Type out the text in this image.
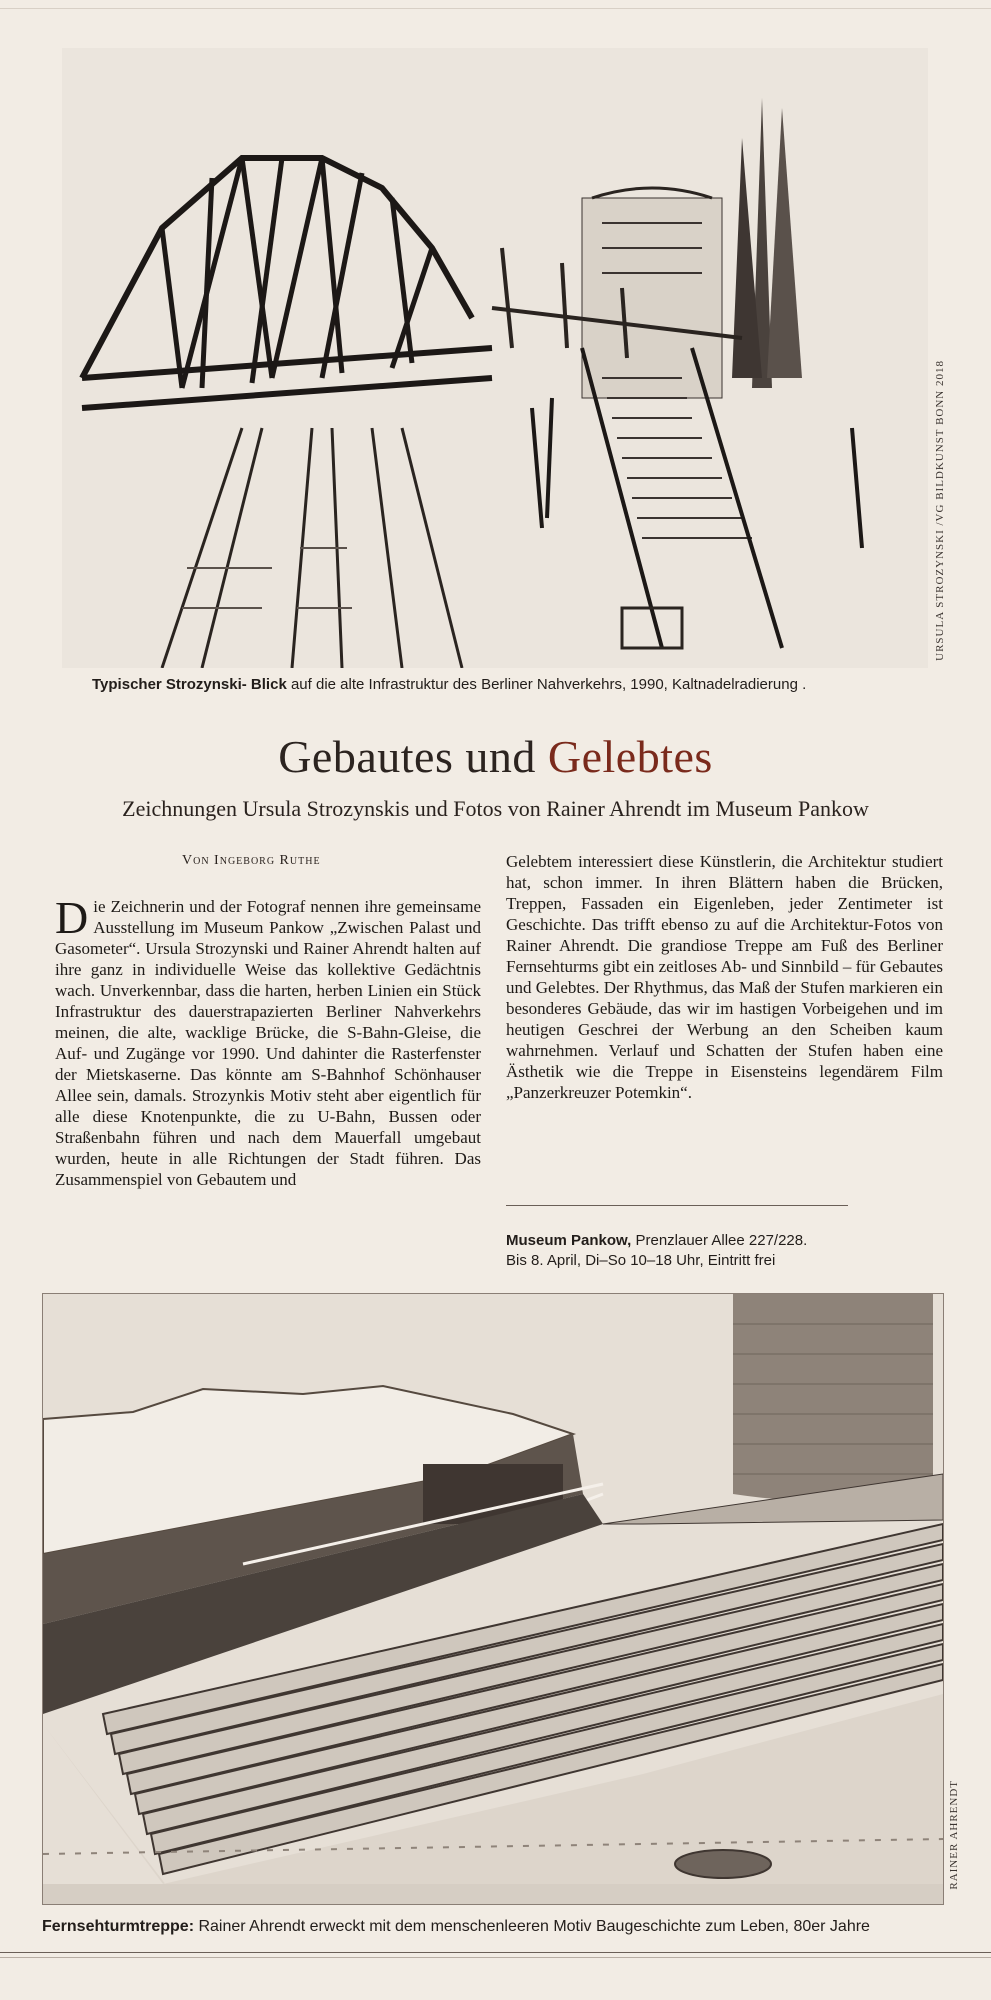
URSULA STROZYNSKI /VG BILDKUNST BONN 2018
Typischer Strozynski- Blick auf die alte Infrastruktur des Berliner Nahverkehrs, 1990, Kaltnadelradierung .
Gebautes und Gelebtes
Zeichnungen Ursula Strozynskis und Fotos von Rainer Ahrendt im Museum Pankow
Von Ingeborg Ruthe
Die Zeichnerin und der Fotograf nennen ihre gemeinsame Ausstellung im Museum Pankow „Zwischen Palast und Gasometer“. Ursula Strozynski und Rainer Ahrendt halten auf ihre ganz in individuelle Weise das kollektive Gedächtnis wach. Unverkennbar, dass die harten, herben Linien ein Stück Infrastruktur des dauerstrapazierten Berliner Nahverkehrs meinen, die alte, wacklige Brücke, die S-Bahn-Gleise, die Auf- und Zugänge vor 1990. Und dahinter die Rasterfenster der Mietskaserne. Das könnte am S-Bahnhof Schönhauser Allee sein, damals. Strozynkis Motiv steht aber eigentlich für alle diese Knotenpunkte, die zu U-Bahn, Bussen oder Straßenbahn führen und nach dem Mauerfall umgebaut wurden, heute in alle Richtungen der Stadt führen. Das Zusammenspiel von Gebautem und
Gelebtem interessiert diese Künstlerin, die Architektur studiert hat, schon immer. In ihren Blättern haben die Brücken, Treppen, Fassaden ein Eigenleben, jeder Zentimeter ist Geschichte. Das trifft ebenso zu auf die Architektur-Fotos von Rainer Ahrendt. Die grandiose Treppe am Fuß des Berliner Fernsehturms gibt ein zeitloses Ab- und Sinnbild – für Gebautes und Gelebtes. Der Rhythmus, das Maß der Stufen markieren ein besonderes Gebäude, das wir im hastigen Vorbeigehen und im heutigen Geschrei der Werbung an den Scheiben kaum wahrnehmen. Verlauf und Schatten der Stufen haben eine Ästhetik wie die Treppe in Eisensteins legendärem Film „Panzerkreuzer Potemkin“.
Museum Pankow, Prenzlauer Allee 227/228.
Bis 8. April, Di–So 10–18 Uhr, Eintritt frei
RAINER AHRENDT
Fernsehturmtreppe: Rainer Ahrendt erweckt mit dem menschenleeren Motiv Baugeschichte zum Leben, 80er Jahre
